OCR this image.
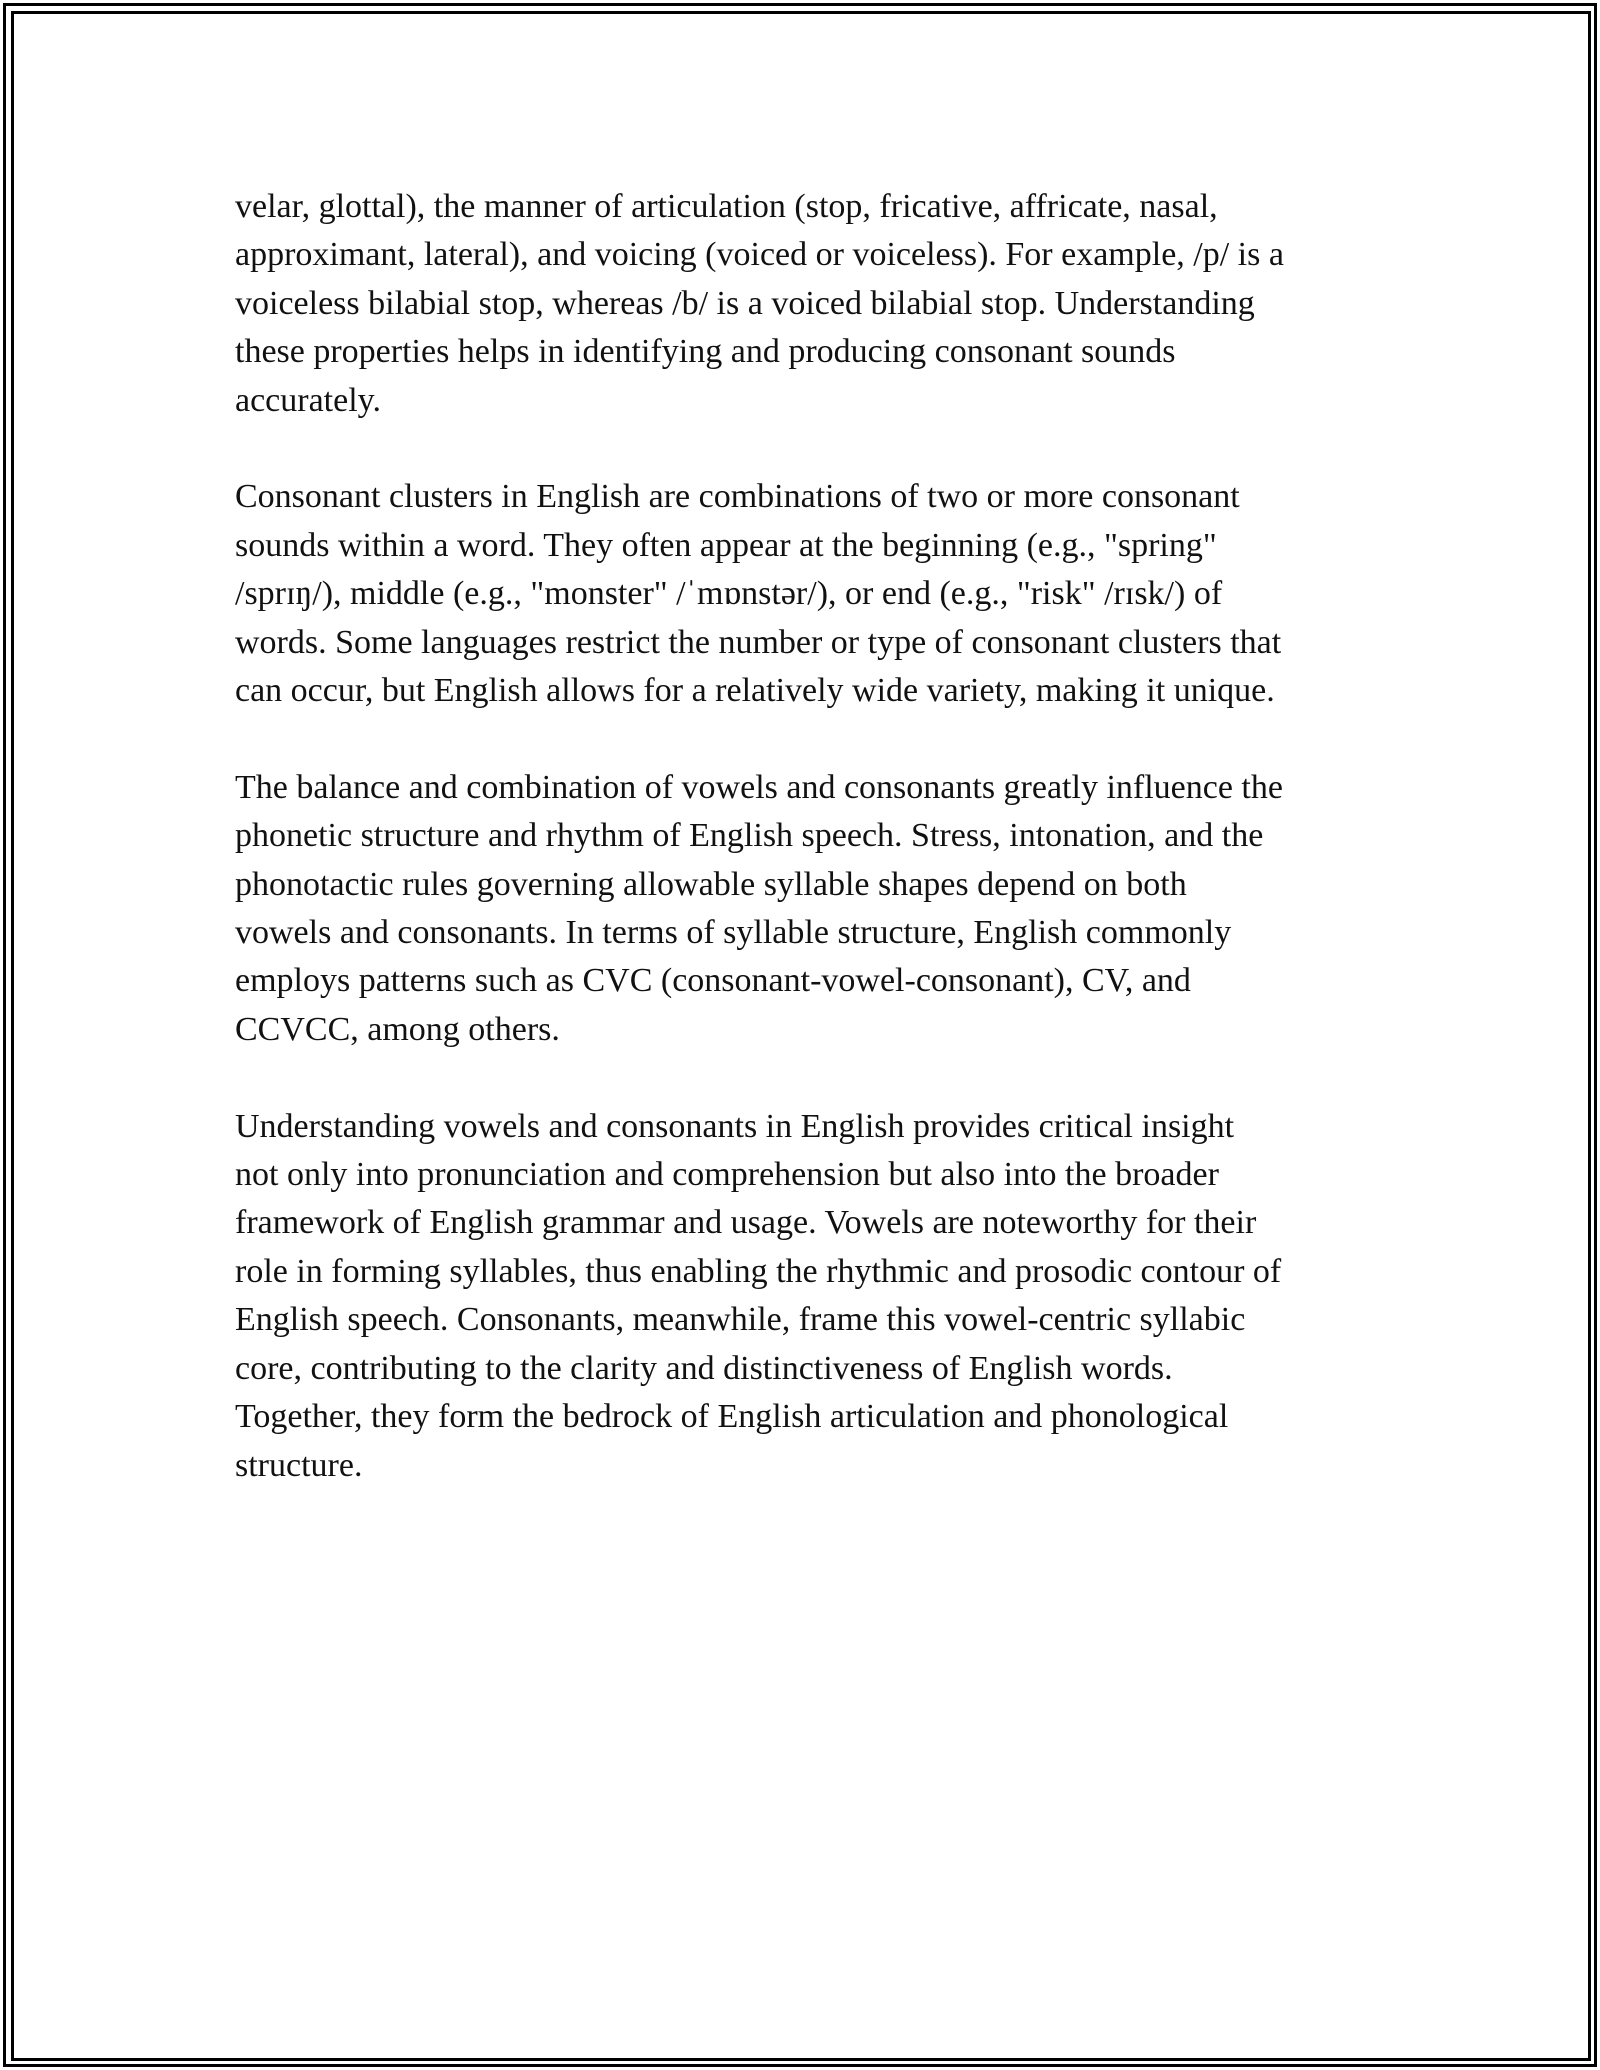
velar, glottal), the manner of articulation (stop, fricative, affricate, nasal,
approximant, lateral), and voicing (voiced or voiceless). For example, /p/ is a
voiceless bilabial stop, whereas /b/ is a voiced bilabial stop. Understanding
these properties helps in identifying and producing consonant sounds
accurately.

Consonant clusters in English are combinations of two or more consonant
sounds within a word. They often appear at the beginning (e.g., "spring"
/sprɪŋ/), middle (e.g., "monster" /ˈmɒnstər/), or end (e.g., "risk" /rɪsk/) of
words. Some languages restrict the number or type of consonant clusters that
can occur, but English allows for a relatively wide variety, making it unique.

The balance and combination of vowels and consonants greatly influence the
phonetic structure and rhythm of English speech. Stress, intonation, and the
phonotactic rules governing allowable syllable shapes depend on both
vowels and consonants. In terms of syllable structure, English commonly
employs patterns such as CVC (consonant-vowel-consonant), CV, and
CCVCC, among others.

Understanding vowels and consonants in English provides critical insight
not only into pronunciation and comprehension but also into the broader
framework of English grammar and usage. Vowels are noteworthy for their
role in forming syllables, thus enabling the rhythmic and prosodic contour of
English speech. Consonants, meanwhile, frame this vowel-centric syllabic
core, contributing to the clarity and distinctiveness of English words.
Together, they form the bedrock of English articulation and phonological
structure.
